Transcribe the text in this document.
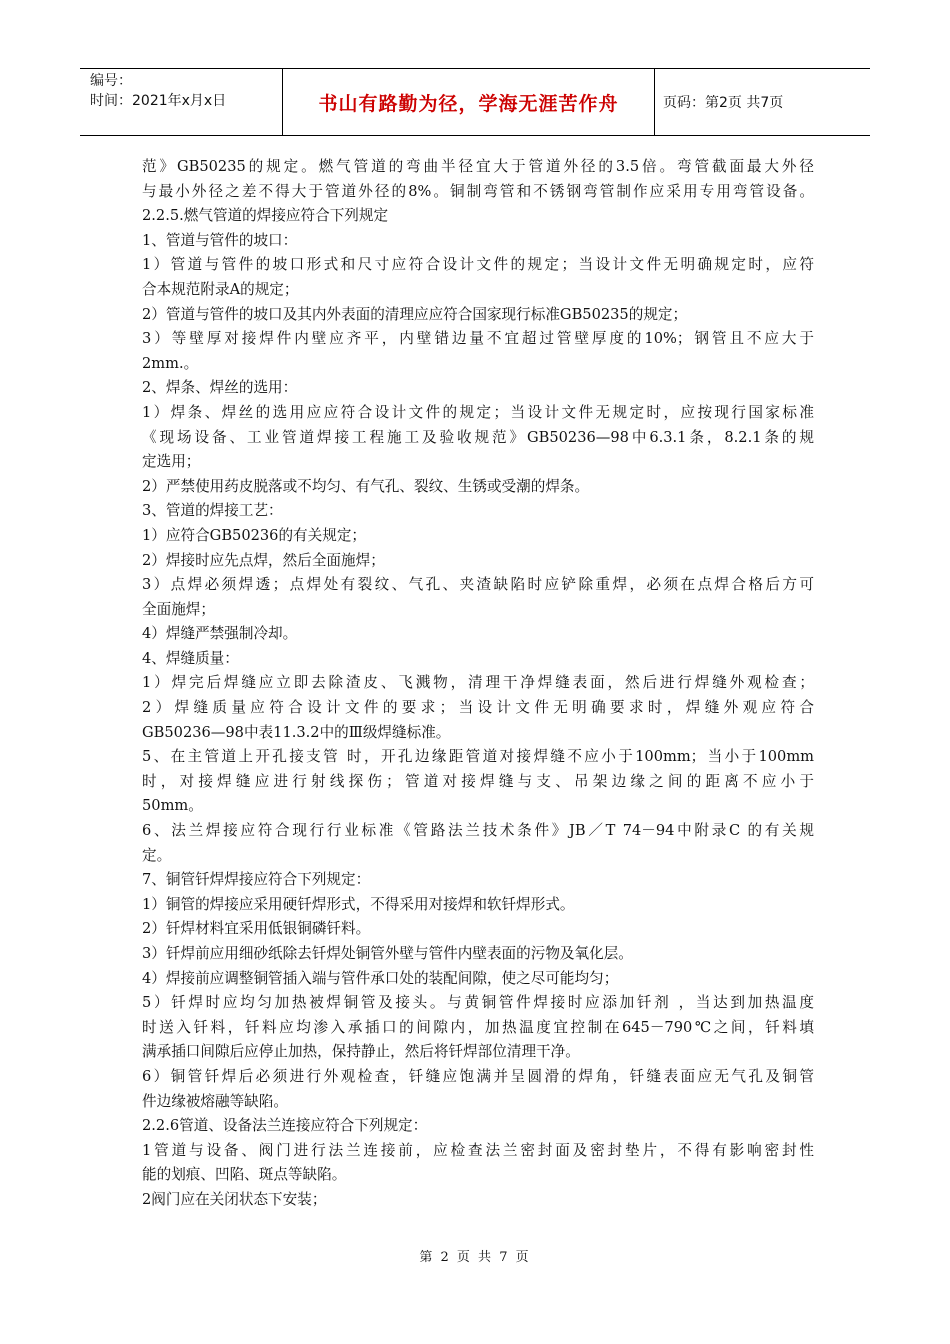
编号：
时间：2021年x月x日	书山有路勤为径，学海无涯苦作舟	页码：第2页 共7页

范》GB50235的规定。燃气管道的弯曲半径宜大于管道外径的3.5倍。弯管截面最大外径

与最小外径之差不得大于管道外径的8%。铜制弯管和不锈钢弯管制作应采用专用弯管设备。

2.2.5.燃气管道的焊接应符合下列规定

1、管道与管件的坡口：

1）管道与管件的坡口形式和尺寸应符合设计文件的规定；当设计文件无明确规定时，应符

合本规范附录A的规定；

2）管道与管件的坡口及其内外表面的清理应应符合国家现行标准GB50235的规定；

3）等壁厚对接焊件内壁应齐平，内壁错边量不宜超过管壁厚度的10%；钢管且不应大于

2mm.。

2、焊条、焊丝的选用：

1）焊条、焊丝的选用应应符合设计文件的规定；当设计文件无规定时，应按现行国家标准

《现场设备、工业管道焊接工程施工及验收规范》GB50236—98中6.3.1条，8.2.1条的规

定选用；

2）严禁使用药皮脱落或不均匀、有气孔、裂纹、生锈或受潮的焊条。

3、管道的焊接工艺：

1）应符合GB50236的有关规定；

2）焊接时应先点焊，然后全面施焊；

3）点焊必须焊透；点焊处有裂纹、气孔、夹渣缺陷时应铲除重焊，必须在点焊合格后方可

全面施焊；

4）焊缝严禁强制冷却。

4、焊缝质量：

1）焊完后焊缝应立即去除渣皮、飞溅物，清理干净焊缝表面，然后进行焊缝外观检查；

2）焊缝质量应符合设计文件的要求；当设计文件无明确要求时，焊缝外观应符合

GB50236—98中表11.3.2中的Ⅲ级焊缝标准。

5、在主管道上开孔接支管 时，开孔边缘距管道对接焊缝不应小于100mm；当小于100mm

时，对接焊缝应进行射线探伤；管道对接焊缝与支、吊架边缘之间的距离不应小于

50mm。

6、法兰焊接应符合现行行业标准《管路法兰技术条件》JB／T 74－94中附录C 的有关规

定。

7、铜管钎焊焊接应符合下列规定：

1）铜管的焊接应采用硬钎焊形式，不得采用对接焊和软钎焊形式。

2）钎焊材料宜采用低银铜磷钎料。

3）钎焊前应用细砂纸除去钎焊处铜管外壁与管件内壁表面的污物及氧化层。

4）焊接前应调整铜管插入端与管件承口处的装配间隙，使之尽可能均匀；

5）钎焊时应均匀加热被焊铜管及接头。与黄铜管件焊接时应添加钎剂 ，当达到加热温度

时送入钎料，钎料应均渗入承插口的间隙内，加热温度宜控制在645－790℃之间，钎料填

满承插口间隙后应停止加热，保持静止，然后将钎焊部位清理干净。

6）铜管钎焊后必须进行外观检查，钎缝应饱满并呈圆滑的焊角，钎缝表面应无气孔及铜管

件边缘被熔融等缺陷。

2.2.6管道、设备法兰连接应符合下列规定：

1管道与设备、阀门进行法兰连接前，应检查法兰密封面及密封垫片，不得有影响密封性

能的划痕、凹陷、斑点等缺陷。

2阀门应在关闭状态下安装；

第 2 页 共 7 页
